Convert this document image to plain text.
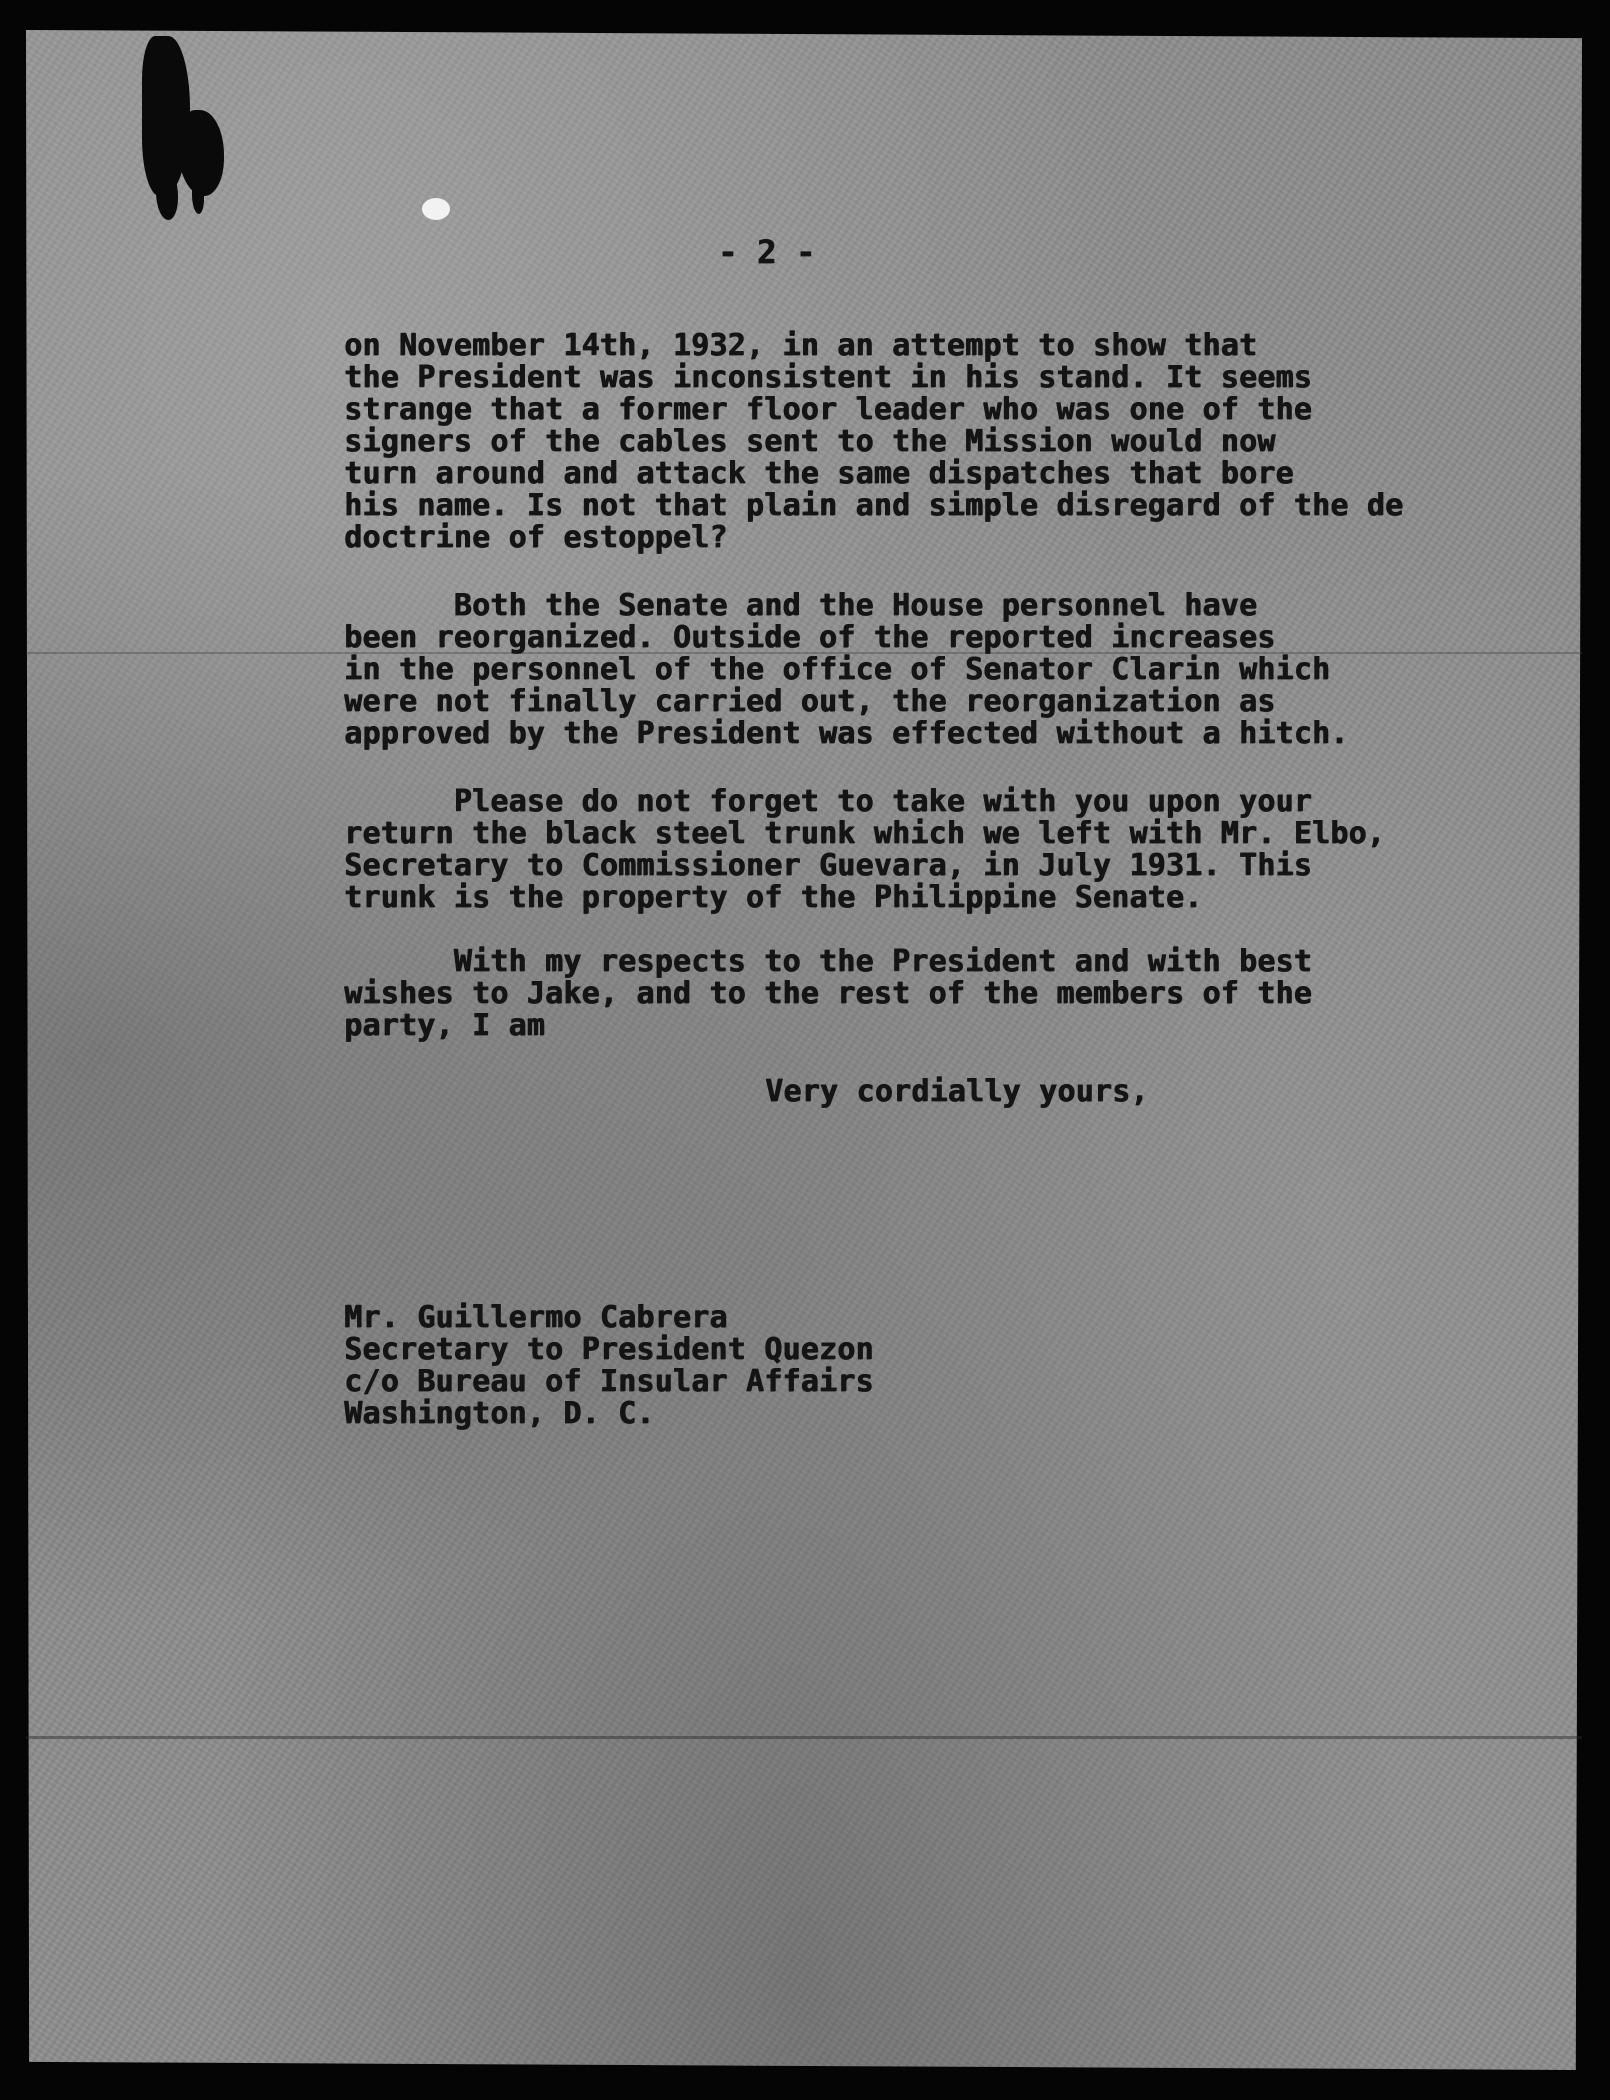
- 2 -
on November 14th, 1932, in an attempt to show that
the President was inconsistent in his stand. It seems
strange that a former floor leader who was one of the
signers of the cables sent to the Mission would now
turn around and attack the same dispatches that bore
his name. Is not that plain and simple disregard of the de
doctrine of estoppel?
Both the Senate and the House personnel have
been reorganized. Outside of the reported increases
in the personnel of the office of Senator Clarin which
were not finally carried out, the reorganization as
approved by the President was effected without a hitch.
Please do not forget to take with you upon your
return the black steel trunk which we left with Mr. Elbo,
Secretary to Commissioner Guevara, in July 1931. This
trunk is the property of the Philippine Senate.
With my respects to the President and with best
wishes to Jake, and to the rest of the members of the
party, I am
Very cordially yours,
Mr. Guillermo Cabrera
Secretary to President Quezon
c/o Bureau of Insular Affairs
Washington, D. C.
